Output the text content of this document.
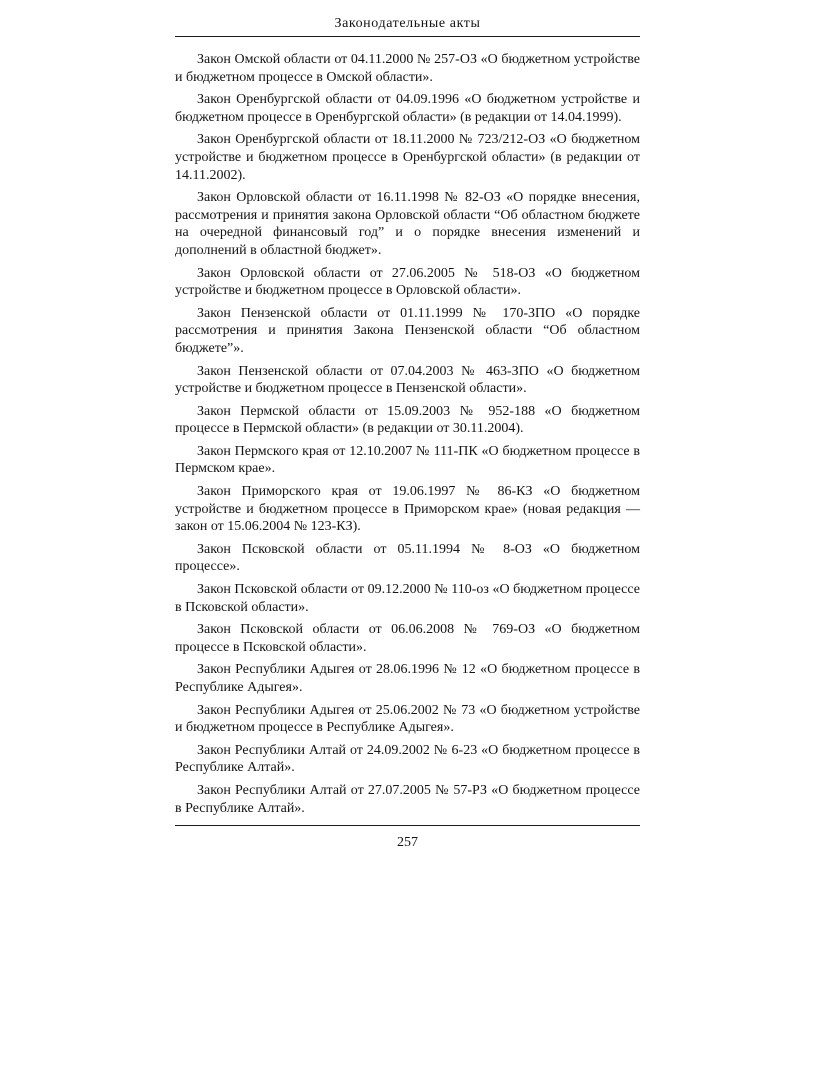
Законодательные акты

Закон Омской области от 04.11.2000 № 257-ОЗ «О бюджетном устройстве и бюджетном процессе в Омской области».

Закон Оренбургской области от 04.09.1996 «О бюджетном устройстве и бюджетном процессе в Оренбургской области» (в редакции от 14.04.1999).

Закон Оренбургской области от 18.11.2000 № 723/212-ОЗ «О бюджетном устройстве и бюджетном процессе в Оренбургской области» (в редакции от 14.11.2002).

Закон Орловской области от 16.11.1998 № 82-ОЗ «О порядке внесения, рассмотрения и принятия закона Орловской области “Об областном бюджете на очередной финансовый год” и о порядке внесения изменений и дополнений в областной бюджет».

Закон Орловской области от 27.06.2005 № 518-ОЗ «О бюджетном устройстве и бюджетном процессе в Орловской области».

Закон Пензенской области от 01.11.1999 № 170-ЗПО «О порядке рассмотрения и принятия Закона Пензенской области “Об областном бюджете”».

Закон Пензенской области от 07.04.2003 № 463-ЗПО «О бюджетном устройстве и бюджетном процессе в Пензенской области».

Закон Пермской области от 15.09.2003 № 952-188 «О бюджетном процессе в Пермской области» (в редакции от 30.11.2004).

Закон Пермского края от 12.10.2007 № 111-ПК «О бюджетном процессе в Пермском крае».

Закон Приморского края от 19.06.1997 № 86-КЗ «О бюджетном устройстве и бюджетном процессе в Приморском крае» (новая редакция — закон от 15.06.2004 № 123-КЗ).

Закон Псковской области от 05.11.1994 № 8-ОЗ «О бюджетном процессе».

Закон Псковской области от 09.12.2000 № 110-оз «О бюджетном процессе в Псковской области».

Закон Псковской области от 06.06.2008 № 769-ОЗ «О бюджетном процессе в Псковской области».

Закон Республики Адыгея от 28.06.1996 № 12 «О бюджетном процессе в Республике Адыгея».

Закон Республики Адыгея от 25.06.2002 № 73 «О бюджетном устройстве и бюджетном процессе в Республике Адыгея».

Закон Республики Алтай от 24.09.2002 № 6-23 «О бюджетном процессе в Республике Алтай».

Закон Республики Алтай от 27.07.2005 № 57-РЗ «О бюджетном процессе в Республике Алтай».

257
